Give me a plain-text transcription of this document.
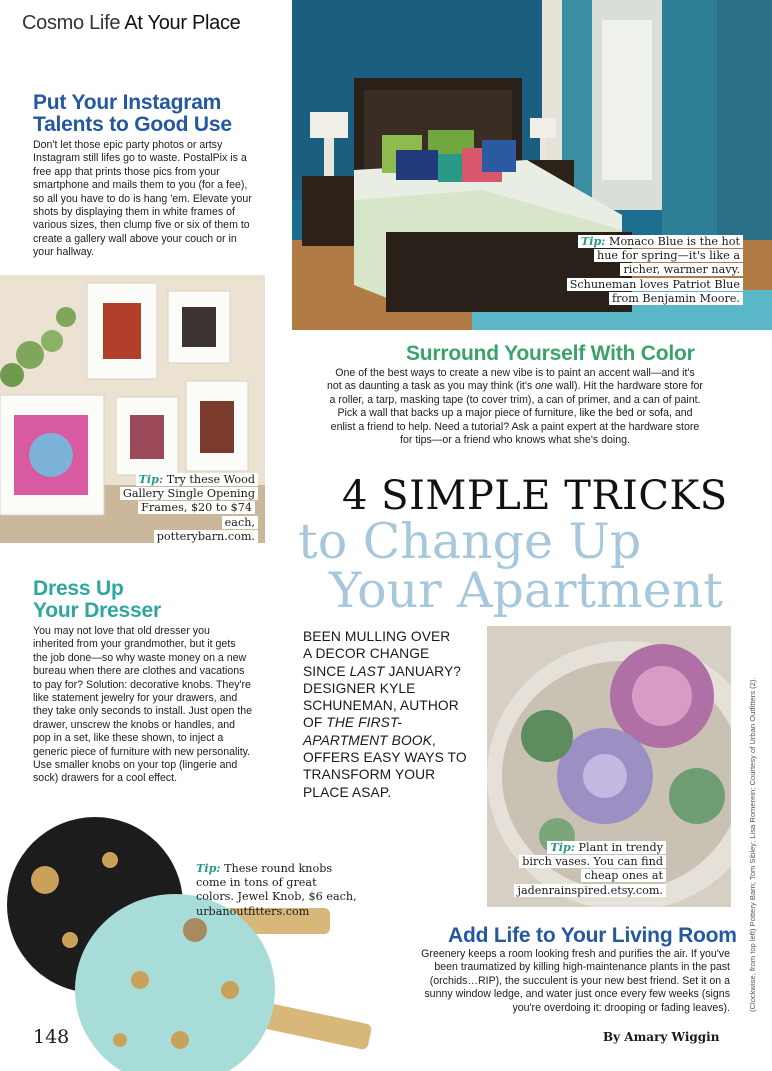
Cosmo Life At Your Place
Put Your Instagram
Talents to Good Use
Don't let those epic party photos or artsy Instagram still lifes go to waste. PostalPix is a free app that prints those pics from your smartphone and mails them to you (for a fee), so all you have to do is hang 'em. Elevate your shots by displaying them in white frames of various sizes, then clump five or six of them to create a gallery wall above your couch or in your hallway.
Tip: Monaco Blue is the hot
hue for spring—it's like a
richer, warmer navy.
Schuneman loves Patriot Blue
from Benjamin Moore.
Surround Yourself With Color
One of the best ways to create a new vibe is to paint an accent wall—and it's not as daunting a task as you may think (it's one wall). Hit the hardware store for a roller, a tarp, masking tape (to cover trim), a can of primer, and a can of paint. Pick a wall that backs up a major piece of furniture, like the bed or sofa, and enlist a friend to help. Need a tutorial? Ask a paint expert at the hardware store for tips—or a friend who knows what she's doing.
Tip: Try these Wood
Gallery Single Opening
Frames, $20 to $74 each,
potterybarn.com.
4 SIMPLE TRICKS
to Change Up
Your Apartment
Dress Up
Your Dresser
You may not love that old dresser you inherited from your grandmother, but it gets the job done—so why waste money on a new bureau when there are clothes and vacations to pay for? Solution: decorative knobs. They're like statement jewelry for your drawers, and they take only seconds to install. Just open the drawer, unscrew the knobs or handles, and pop in a set, like these shown, to inject a generic piece of furniture with new personality. Use smaller knobs on your top (lingerie and sock) drawers for a cool effect.
BEEN MULLING OVER
A DECOR CHANGE
SINCE LAST JANUARY?
DESIGNER KYLE
SCHUNEMAN, AUTHOR
OF THE FIRST-
APARTMENT BOOK,
OFFERS EASY WAYS TO
TRANSFORM YOUR
PLACE ASAP.
Tip: Plant in trendy
birch vases. You can find
cheap ones at
jadenrainspired.etsy.com.
Tip: These round knobs
come in tons of great
colors. Jewel Knob, $6 each,
urbanoutfitters.com
Add Life to Your Living Room
Greenery keeps a room looking fresh and purifies the air. If you've been traumatized by killing high-maintenance plants in the past (orchids…RIP), the succulent is your new best friend. Set it on a sunny window ledge, and water just once every few weeks (signs you're overdoing it: drooping or fading leaves). (Clockwise, from top left) Pottery Barn; Tom Sibley; Lisa Romerein; Courtesy of Urban Outfitters (2).
148	By Amary Wiggin
